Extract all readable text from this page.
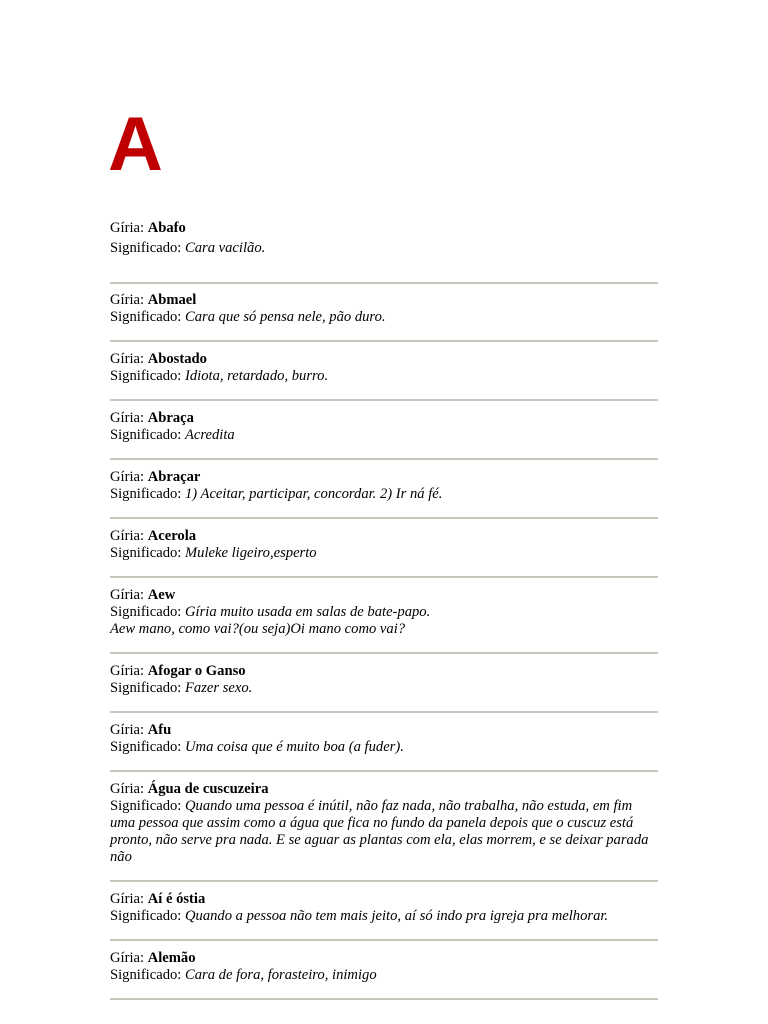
A
Gíria: Abafo
Significado: Cara vacilão.
Gíria: Abmael
Significado: Cara que só pensa nele, pão duro.
Gíria: Abostado
Significado: Idiota, retardado, burro.
Gíria: Abraça
Significado: Acredita
Gíria: Abraçar
Significado: 1) Aceitar, participar, concordar. 2) Ir ná fé.
Gíria: Acerola
Significado: Muleke ligeiro,esperto
Gíria: Aew
Significado: Gíria muito usada em salas de bate-papo.
Aew mano, como vai?(ou seja)Oi mano como vai?
Gíria: Afogar o Ganso
Significado: Fazer sexo.
Gíria: Afu
Significado: Uma coisa que é muito boa (a fuder).
Gíria: Água de cuscuzeira
Significado: Quando uma pessoa é inútil, não faz nada, não trabalha, não estuda, em fim uma pessoa que assim como a água que fica no fundo da panela depois que o cuscuz está pronto, não serve pra nada. E se aguar as plantas com ela, elas morrem, e se deixar parada não
Gíria: Aí é óstia
Significado: Quando a pessoa não tem mais jeito, aí só indo pra igreja pra melhorar.
Gíria: Alemão
Significado: Cara de fora, forasteiro, inimigo
